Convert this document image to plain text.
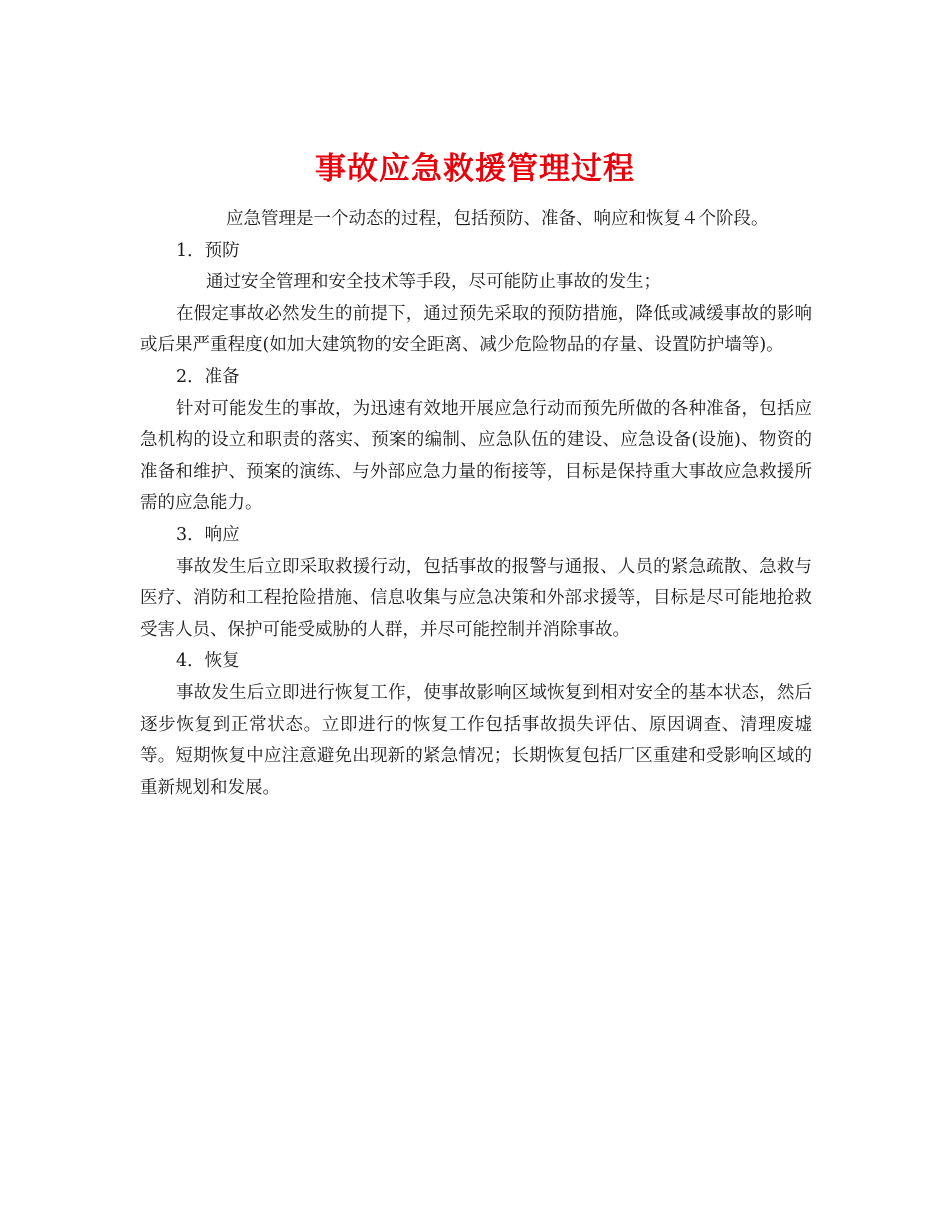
事故应急救援管理过程

应急管理是一个动态的过程，包括预防、准备、响应和恢复４个阶段。

1．预防

通过安全管理和安全技术等手段，尽可能防止事故的发生；

在假定事故必然发生的前提下，通过预先采取的预防措施，降低或减缓事故的影响或后果严重程度(如加大建筑物的安全距离、减少危险物品的存量、设置防护墙等)。

2．准备

针对可能发生的事故，为迅速有效地开展应急行动而预先所做的各种准备，包括应急机构的设立和职责的落实、预案的编制、应急队伍的建设、应急设备(设施)、物资的准备和维护、预案的演练、与外部应急力量的衔接等，目标是保持重大事故应急救援所需的应急能力。

3．响应

事故发生后立即采取救援行动，包括事故的报警与通报、人员的紧急疏散、急救与医疗、消防和工程抢险措施、信息收集与应急决策和外部求援等，目标是尽可能地抢救受害人员、保护可能受威胁的人群，并尽可能控制并消除事故。

4．恢复

事故发生后立即进行恢复工作，使事故影响区域恢复到相对安全的基本状态，然后逐步恢复到正常状态。立即进行的恢复工作包括事故损失评估、原因调查、清理废墟等。短期恢复中应注意避免出现新的紧急情况；长期恢复包括厂区重建和受影响区域的重新规划和发展。
